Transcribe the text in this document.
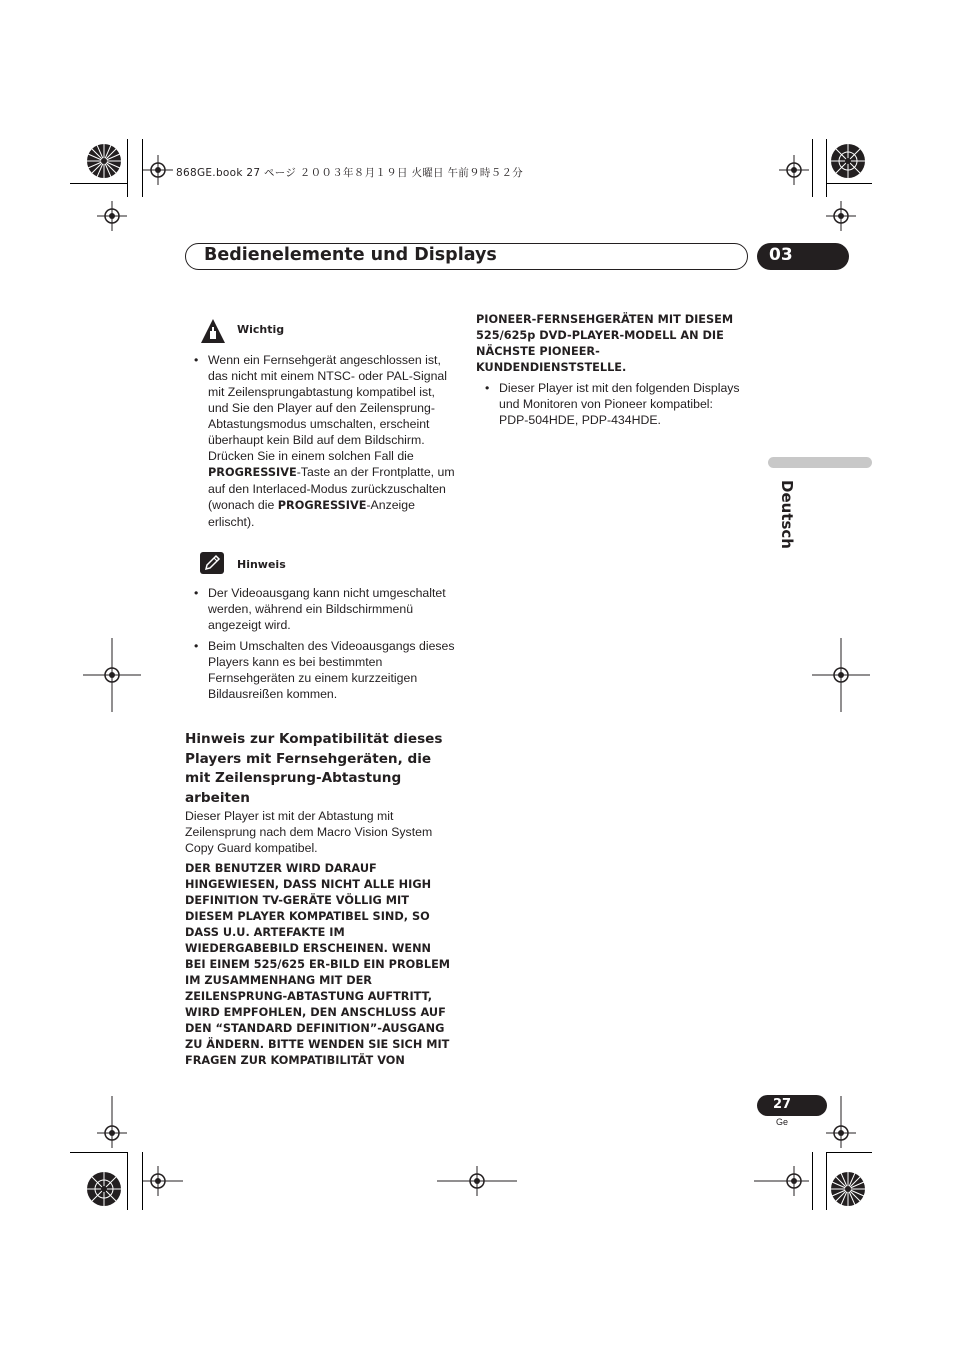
868GE.book 27 ページ ２００３年８月１９日 火曜日 午前９時５２分
Bedienelemente und Displays	03
Deutsch
Wichtig
• Wenn ein Fernsehgerät angeschlossen ist, das nicht mit einem NTSC- oder PAL-Signal mit Zeilensprungabtastung kompatibel ist, und Sie den Player auf den Zeilensprung-Abtastungsmodus umschalten, erscheint überhaupt kein Bild auf dem Bildschirm. Drücken Sie in einem solchen Fall die PROGRESSIVE-Taste an der Frontplatte, um auf den Interlaced-Modus zurückzuschalten (wonach die PROGRESSIVE-Anzeige erlischt).
Hinweis
• Der Videoausgang kann nicht umgeschaltet werden, während ein Bildschirmmenü angezeigt wird.
• Beim Umschalten des Videoausgangs dieses Players kann es bei bestimmten Fernsehgeräten zu einem kurzzeitigen Bildausreißen kommen.
Hinweis zur Kompatibilität dieses Players mit Fernsehgeräten, die mit Zeilensprung-Abtastung arbeiten

Dieser Player ist mit der Abtastung mit Zeilensprung nach dem Macro Vision System Copy Guard kompatibel.

DER BENUTZER WIRD DARAUF HINGEWIESEN, DASS NICHT ALLE HIGH DEFINITION TV-GERÄTE VÖLLIG MIT DIESEM PLAYER KOMPATIBEL SIND, SO DASS U.U. ARTEFAKTE IM WIEDERGABEBILD ERSCHEINEN. WENN BEI EINEM 525/625 ER-BILD EIN PROBLEM IM ZUSAMMENHANG MIT DER ZEILENSPRUNG-ABTASTUNG AUFTRITT, WIRD EMPFOHLEN, DEN ANSCHLUSS AUF DEN “STANDARD DEFINITION”-AUSGANG ZU ÄNDERN. BITTE WENDEN SIE SICH MIT FRAGEN ZUR KOMPATIBILITÄT VON

PIONEER-FERNSEHGERÄTEN MIT DIESEM 525/625p DVD-PLAYER-MODELL AN DIE NÄCHSTE PIONEER-KUNDENDIENSTSTELLE.

• Dieser Player ist mit den folgenden Displays und Monitoren von Pioneer kompatibel:
PDP-504HDE, PDP-434HDE.
27
Ge
